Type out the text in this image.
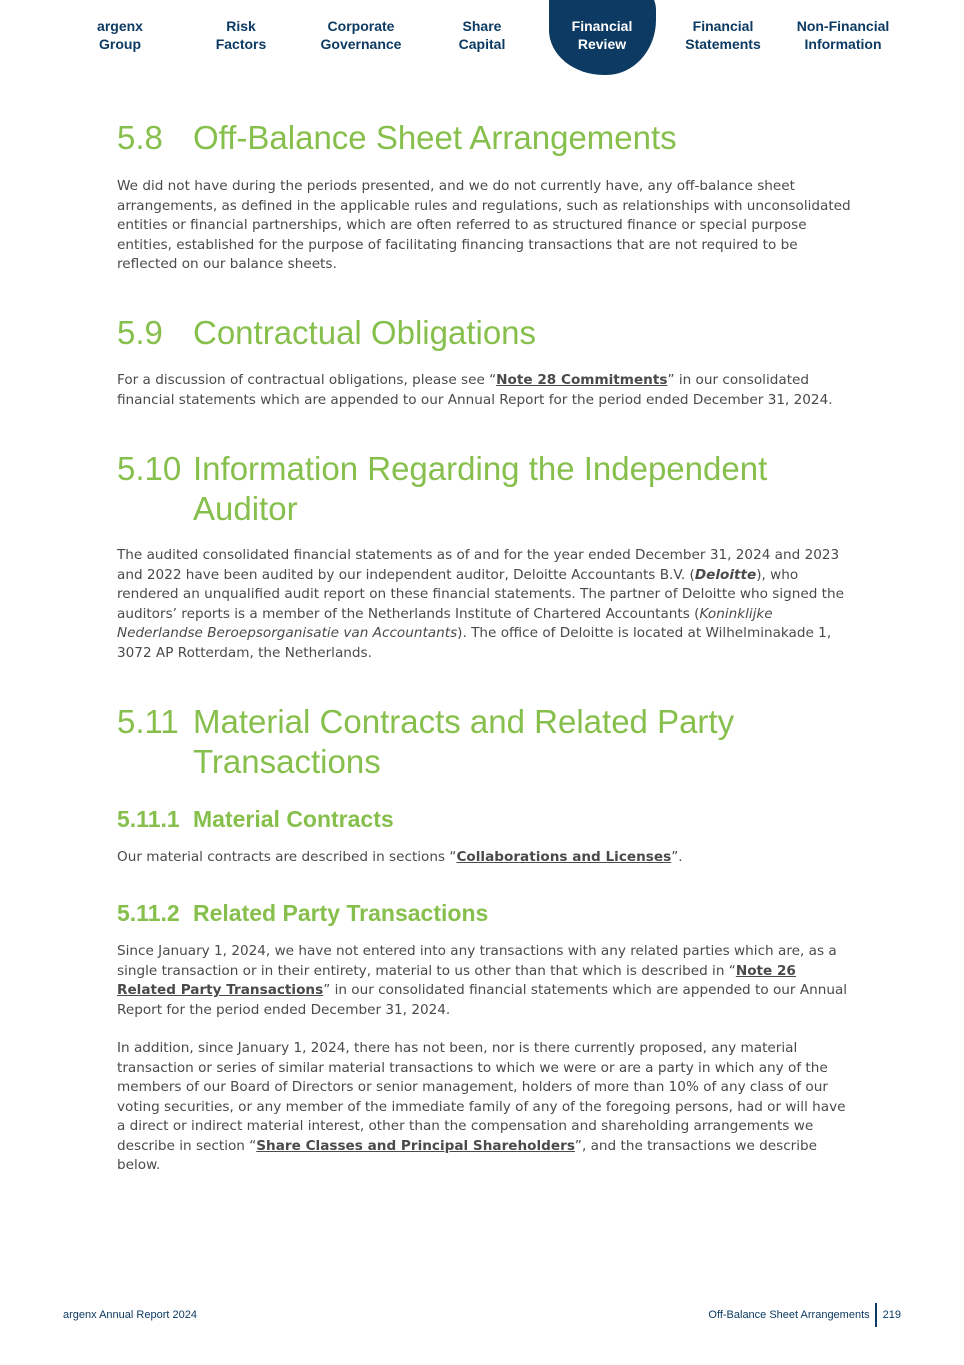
argenx
Group
Risk
Factors
Corporate
Governance
Share
Capital
Financial
Review
Financial
Statements
Non-Financial
Information
5.8 Off-Balance Sheet Arrangements
We did not have during the periods presented, and we do not currently have, any off-balance sheet arrangements, as defined in the applicable rules and regulations, such as relationships with unconsolidated entities or financial partnerships, which are often referred to as structured finance or special purpose entities, established for the purpose of facilitating financing transactions that are not required to be reflected on our balance sheets.
5.9 Contractual Obligations
For a discussion of contractual obligations, please see “Note 28 Commitments” in our consolidated financial statements which are appended to our Annual Report for the period ended December 31, 2024.
5.10 Information Regarding the Independent
Auditor
The audited consolidated financial statements as of and for the year ended December 31, 2024 and 2023 and 2022 have been audited by our independent auditor, Deloitte Accountants B.V. (Deloitte), who rendered an unqualified audit report on these financial statements. The partner of Deloitte who signed the auditors’ reports is a member of the Netherlands Institute of Chartered Accountants (Koninklijke Nederlandse Beroepsorganisatie van Accountants). The office of Deloitte is located at Wilhelminakade 1, 3072 AP Rotterdam, the Netherlands.
5.11 Material Contracts and Related Party
Transactions
5.11.1 Material Contracts
Our material contracts are described in sections “Collaborations and Licenses”.
5.11.2 Related Party Transactions
Since January 1, 2024, we have not entered into any transactions with any related parties which are, as a single transaction or in their entirety, material to us other than that which is described in “Note 26 Related Party Transactions” in our consolidated financial statements which are appended to our Annual Report for the period ended December 31, 2024.
In addition, since January 1, 2024, there has not been, nor is there currently proposed, any material transaction or series of similar material transactions to which we were or are a party in which any of the members of our Board of Directors or senior management, holders of more than 10% of any class of our voting securities, or any member of the immediate family of any of the foregoing persons, had or will have a direct or indirect material interest, other than the compensation and shareholding arrangements we describe in section “Share Classes and Principal Shareholders”, and the transactions we describe below.
argenx Annual Report 2024	Off-Balance Sheet Arrangements 219
